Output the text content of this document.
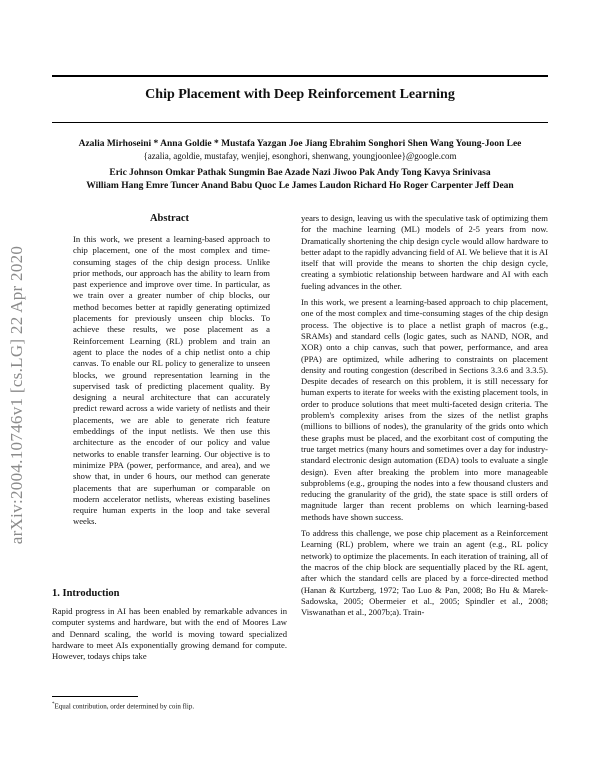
arXiv:2004.10746v1 [cs.LG] 22 Apr 2020
Chip Placement with Deep Reinforcement Learning
Azalia Mirhoseini * Anna Goldie * Mustafa Yazgan Joe Jiang Ebrahim Songhori Shen Wang Young-Joon Lee
{azalia, agoldie, mustafay, wenjiej, esonghori, shenwang, youngjoonlee}@google.com
Eric Johnson Omkar Pathak Sungmin Bae Azade Nazi Jiwoo Pak Andy Tong Kavya Srinivasa
William Hang Emre Tuncer Anand Babu Quoc Le James Laudon Richard Ho Roger Carpenter Jeff Dean
Abstract
In this work, we present a learning-based approach to chip placement, one of the most complex and time-consuming stages of the chip design process. Unlike prior methods, our approach has the ability to learn from past experience and improve over time. In particular, as we train over a greater number of chip blocks, our method becomes better at rapidly generating optimized placements for previously unseen chip blocks. To achieve these results, we pose placement as a Reinforcement Learning (RL) problem and train an agent to place the nodes of a chip netlist onto a chip canvas. To enable our RL policy to generalize to unseen blocks, we ground representation learning in the supervised task of predicting placement quality. By designing a neural architecture that can accurately predict reward across a wide variety of netlists and their placements, we are able to generate rich feature embeddings of the input netlists. We then use this architecture as the encoder of our policy and value networks to enable transfer learning. Our objective is to minimize PPA (power, performance, and area), and we show that, in under 6 hours, our method can generate placements that are superhuman or comparable on modern accelerator netlists, whereas existing baselines require human experts in the loop and take several weeks.
1. Introduction
Rapid progress in AI has been enabled by remarkable advances in computer systems and hardware, but with the end of Moores Law and Dennard scaling, the world is moving toward specialized hardware to meet AIs exponentially growing demand for compute. However, todays chips take
*Equal contribution, order determined by coin flip.

years to design, leaving us with the speculative task of optimizing them for the machine learning (ML) models of 2-5 years from now. Dramatically shortening the chip design cycle would allow hardware to better adapt to the rapidly advancing field of AI. We believe that it is AI itself that will provide the means to shorten the chip design cycle, creating a symbiotic relationship between hardware and AI with each fueling advances in the other.

In this work, we present a learning-based approach to chip placement, one of the most complex and time-consuming stages of the chip design process. The objective is to place a netlist graph of macros (e.g., SRAMs) and standard cells (logic gates, such as NAND, NOR, and XOR) onto a chip canvas, such that power, performance, and area (PPA) are optimized, while adhering to constraints on placement density and routing congestion (described in Sections 3.3.6 and 3.3.5). Despite decades of research on this problem, it is still necessary for human experts to iterate for weeks with the existing placement tools, in order to produce solutions that meet multi-faceted design criteria. The problem's complexity arises from the sizes of the netlist graphs (millions to billions of nodes), the granularity of the grids onto which these graphs must be placed, and the exorbitant cost of computing the true target metrics (many hours and sometimes over a day for industry-standard electronic design automation (EDA) tools to evaluate a single design). Even after breaking the problem into more manageable subproblems (e.g., grouping the nodes into a few thousand clusters and reducing the granularity of the grid), the state space is still orders of magnitude larger than recent problems on which learning-based methods have shown success.

To address this challenge, we pose chip placement as a Reinforcement Learning (RL) problem, where we train an agent (e.g., RL policy network) to optimize the placements. In each iteration of training, all of the macros of the chip block are sequentially placed by the RL agent, after which the standard cells are placed by a force-directed method (Hanan & Kurtzberg, 1972; Tao Luo & Pan, 2008; Bo Hu & Marek-Sadowska, 2005; Obermeier et al., 2005; Spindler et al., 2008; Viswanathan et al., 2007b;a). Train-
